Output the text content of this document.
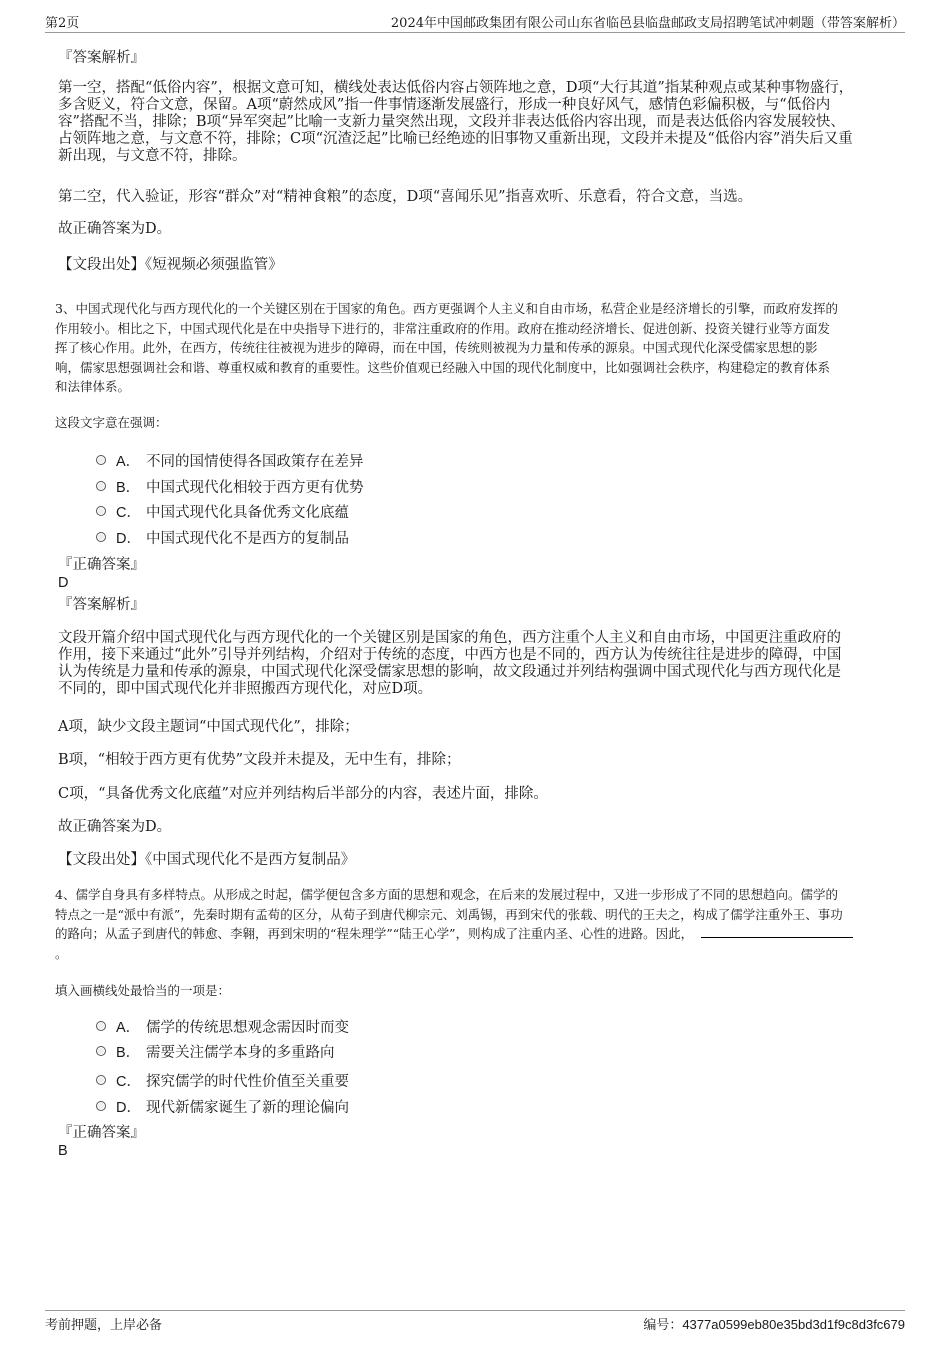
第2页	2024年中国邮政集团有限公司山东省临邑县临盘邮政支局招聘笔试冲刺题（带答案解析）
『答案解析』
第一空，搭配“低俗内容”，根据文意可知，横线处表达低俗内容占领阵地之意，D项“大行其道”指某种观点或某种事物盛行，
多含贬义，符合文意，保留。A项“蔚然成风”指一件事情逐渐发展盛行，形成一种良好风气，感情色彩偏积极，与“低俗内
容”搭配不当，排除；B项“异军突起”比喻一支新力量突然出现，文段并非表达低俗内容出现，而是表达低俗内容发展较快、
占领阵地之意，与文意不符，排除；C项“沉渣泛起”比喻已经绝迹的旧事物又重新出现，文段并未提及“低俗内容”消失后又重
新出现，与文意不符，排除。
第二空，代入验证，形容“群众”对“精神食粮”的态度，D项“喜闻乐见”指喜欢听、乐意看，符合文意，当选。
故正确答案为D。
【文段出处】《短视频必须强监管》
3、中国式现代化与西方现代化的一个关键区别在于国家的角色。西方更强调个人主义和自由市场，私营企业是经济增长的引擎，而政府发挥的
作用较小。相比之下，中国式现代化是在中央指导下进行的，非常注重政府的作用。政府在推动经济增长、促进创新、投资关键行业等方面发
挥了核心作用。此外，在西方，传统往往被视为进步的障碍，而在中国，传统则被视为力量和传承的源泉。中国式现代化深受儒家思想的影
响，儒家思想强调社会和谐、尊重权威和教育的重要性。这些价值观已经融入中国的现代化制度中，比如强调社会秩序，构建稳定的教育体系
和法律体系。
这段文字意在强调：
A． 不同的国情使得各国政策存在差异
B． 中国式现代化相较于西方更有优势
C． 中国式现代化具备优秀文化底蕴
D． 中国式现代化不是西方的复制品
『正确答案』
D
『答案解析』
文段开篇介绍中国式现代化与西方现代化的一个关键区别是国家的角色，西方注重个人主义和自由市场，中国更注重政府的
作用，接下来通过“此外”引导并列结构，介绍对于传统的态度，中西方也是不同的，西方认为传统往往是进步的障碍，中国
认为传统是力量和传承的源泉，中国式现代化深受儒家思想的影响，故文段通过并列结构强调中国式现代化与西方现代化是
不同的，即中国式现代化并非照搬西方现代化，对应D项。
A项，缺少文段主题词“中国式现代化”，排除；
B项，“相较于西方更有优势”文段并未提及，无中生有，排除；
C项，“具备优秀文化底蕴”对应并列结构后半部分的内容，表述片面，排除。
故正确答案为D。
【文段出处】《中国式现代化不是西方复制品》
4、儒学自身具有多样特点。从形成之时起，儒学便包含多方面的思想和观念，在后来的发展过程中，又进一步形成了不同的思想趋向。儒学的
特点之一是“派中有派”，先秦时期有孟荀的区分，从荀子到唐代柳宗元、刘禹锡，再到宋代的张载、明代的王夫之，构成了儒学注重外王、事功
的路向；从孟子到唐代的韩愈、李翱，再到宋明的“程朱理学”“陆王心学”，则构成了注重内圣、心性的进路。因此，
。
填入画横线处最恰当的一项是：
A． 儒学的传统思想观念需因时而变
B． 需要关注儒学本身的多重路向
C． 探究儒学的时代性价值至关重要
D． 现代新儒家诞生了新的理论偏向
『正确答案』
B
考前押题，上岸必备	编号：4377a0599eb80e35bd3d1f9c8d3fc679
